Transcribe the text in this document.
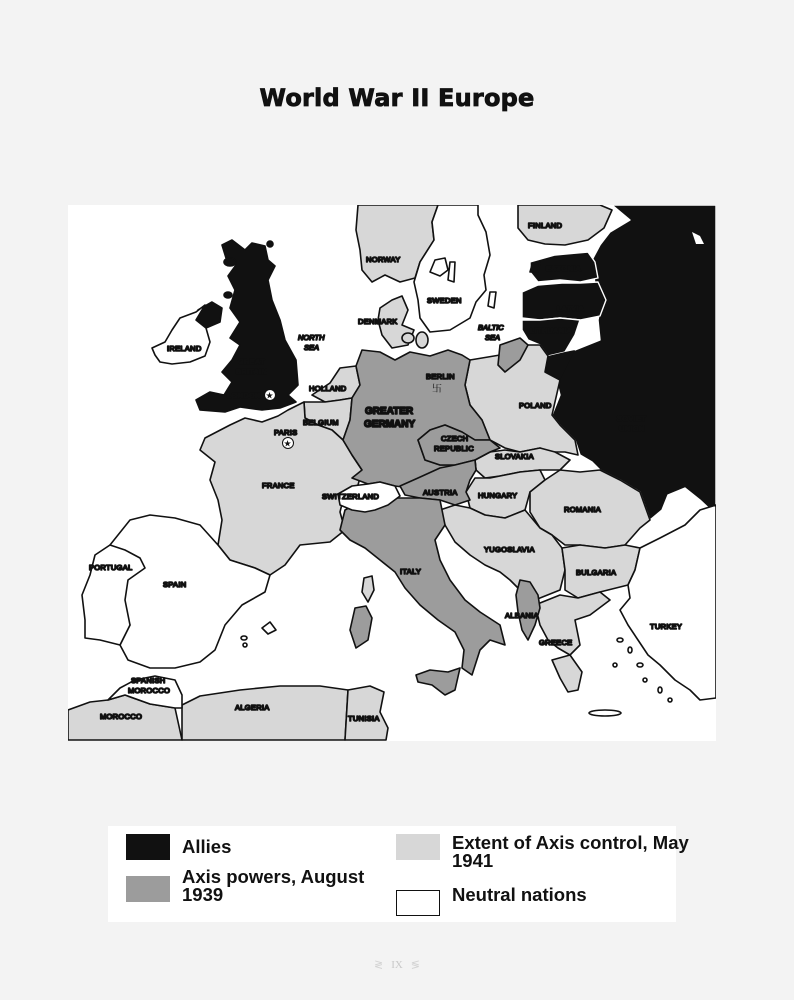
World War II Europe
IRELAND
GREAT
BRITAIN
LONDON ★
NORTH
SEA
NORWAY
SWEDEN
FINLAND
DENMARK
BALTIC
SEA
ESTONIA
LATVIA
LITHUANIA
HOLLAND
BELGIUM
PARIS
★
FRANCE
BERLIN
卐
GREATER
GERMANY
CZECH
REPUBLIC
POLAND
SOVIET
UNION
SLOVAKIA
SWITZERLAND	AUSTRIA	HUNGARY
ROMANIA
YUGOSLAVIA
BULGARIA
PORTUGAL
SPAIN
ITALY
ALBANIA
GREECE
TURKEY
SPANISH
MOROCCO
MOROCCO
ALGERIA
TUNISIA
Allies
Axis powers, August 1939
Extent of Axis control, May 1941
Neutral nations
≷ IX ≶
